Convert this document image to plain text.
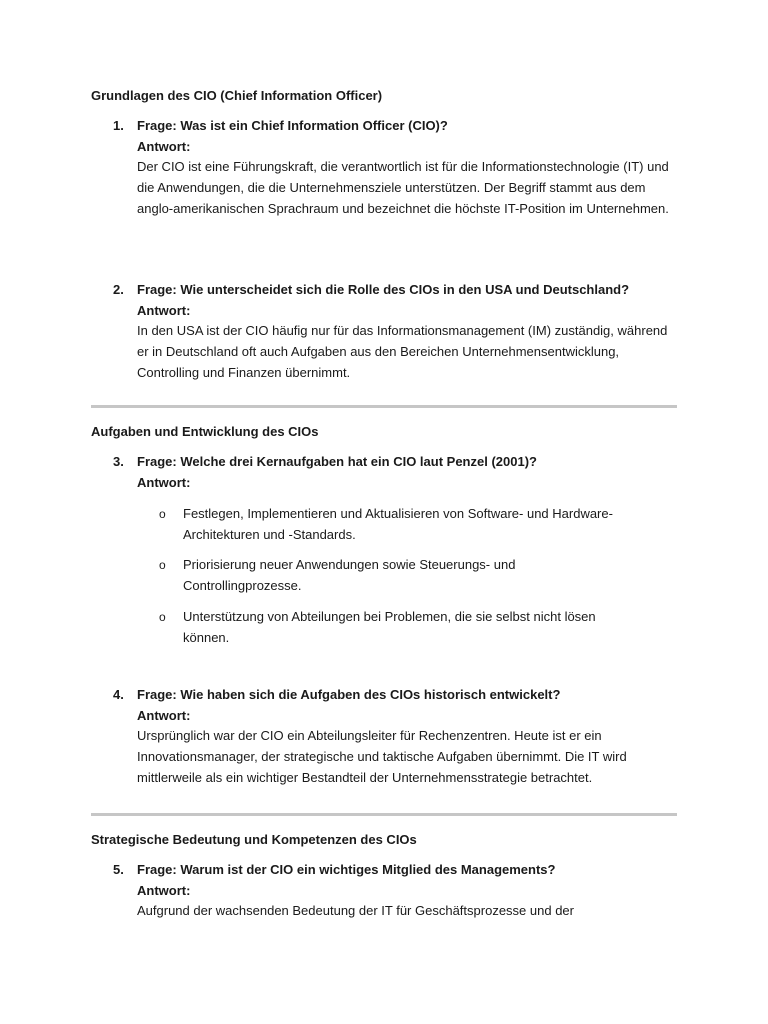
Grundlagen des CIO (Chief Information Officer)
1. Frage: Was ist ein Chief Information Officer (CIO)?
Antwort:
Der CIO ist eine Führungskraft, die verantwortlich ist für die Informationstechnologie (IT) und die Anwendungen, die die Unternehmensziele unterstützen. Der Begriff stammt aus dem anglo-amerikanischen Sprachraum und bezeichnet die höchste IT-Position im Unternehmen.
2. Frage: Wie unterscheidet sich die Rolle des CIOs in den USA und Deutschland?
Antwort:
In den USA ist der CIO häufig nur für das Informationsmanagement (IM) zuständig, während er in Deutschland oft auch Aufgaben aus den Bereichen Unternehmensentwicklung, Controlling und Finanzen übernimmt.
Aufgaben und Entwicklung des CIOs
3. Frage: Welche drei Kernaufgaben hat ein CIO laut Penzel (2001)?
Antwort:
o Festlegen, Implementieren und Aktualisieren von Software- und Hardware-Architekturen und -Standards.
o Priorisierung neuer Anwendungen sowie Steuerungs- und Controllingprozesse.
o Unterstützung von Abteilungen bei Problemen, die sie selbst nicht lösen können.
4. Frage: Wie haben sich die Aufgaben des CIOs historisch entwickelt?
Antwort:
Ursprünglich war der CIO ein Abteilungsleiter für Rechenzentren. Heute ist er ein Innovationsmanager, der strategische und taktische Aufgaben übernimmt. Die IT wird mittlerweile als ein wichtiger Bestandteil der Unternehmensstrategie betrachtet.
Strategische Bedeutung und Kompetenzen des CIOs
5. Frage: Warum ist der CIO ein wichtiges Mitglied des Managements?
Antwort:
Aufgrund der wachsenden Bedeutung der IT für Geschäftsprozesse und der
